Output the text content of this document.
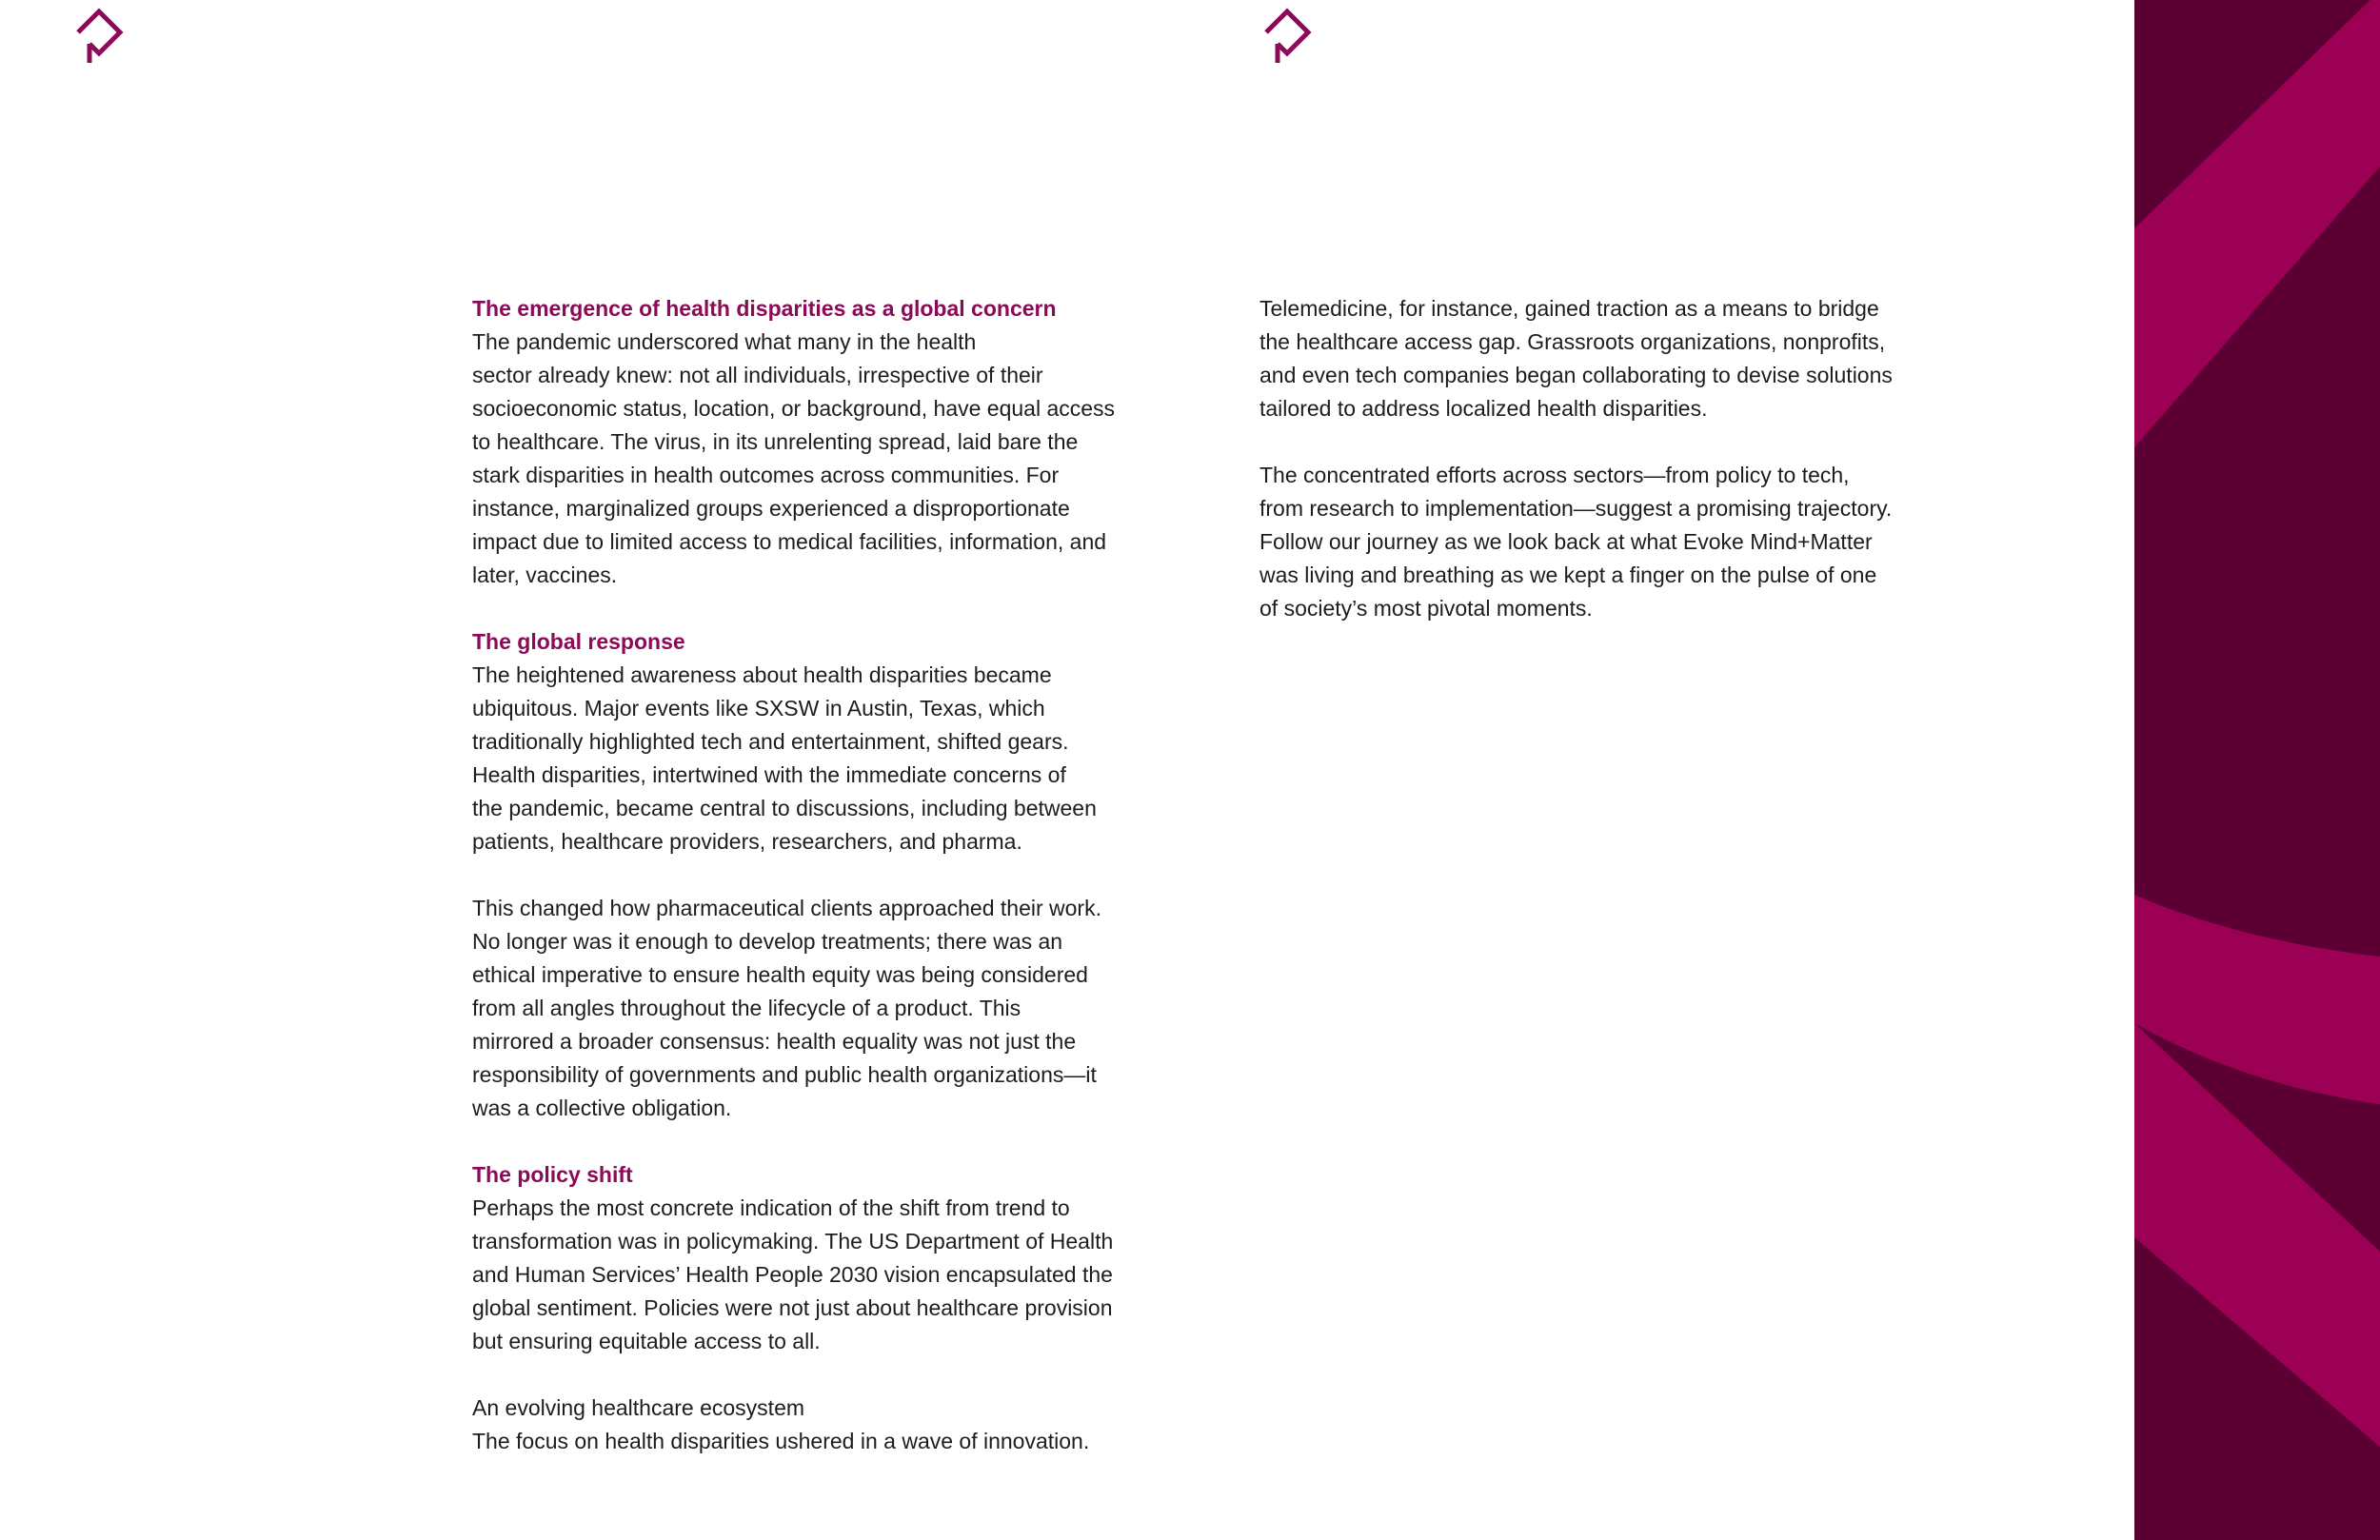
The emergence of health disparities as a global concern

The pandemic underscored what many in the health
sector already knew: not all individuals, irrespective of their
socioeconomic status, location, or background, have equal access
to healthcare. The virus, in its unrelenting spread, laid bare the
stark disparities in health outcomes across communities. For
instance, marginalized groups experienced a disproportionate
impact due to limited access to medical facilities, information, and
later, vaccines.

The global response

The heightened awareness about health disparities became
ubiquitous. Major events like SXSW in Austin, Texas, which
traditionally highlighted tech and entertainment, shifted gears.
Health disparities, intertwined with the immediate concerns of
the pandemic, became central to discussions, including between
patients, healthcare providers, researchers, and pharma.

This changed how pharmaceutical clients approached their work.
No longer was it enough to develop treatments; there was an
ethical imperative to ensure health equity was being considered
from all angles throughout the lifecycle of a product. This
mirrored a broader consensus: health equality was not just the
responsibility of governments and public health organizations—it
was a collective obligation.

The policy shift

Perhaps the most concrete indication of the shift from trend to
transformation was in policymaking. The US Department of Health
and Human Services’ Health People 2030 vision encapsulated the
global sentiment. Policies were not just about healthcare provision
but ensuring equitable access to all.

An evolving healthcare ecosystem

The focus on health disparities ushered in a wave of innovation.

Telemedicine, for instance, gained traction as a means to bridge
the healthcare access gap. Grassroots organizations, nonprofits,
and even tech companies began collaborating to devise solutions
tailored to address localized health disparities.

The concentrated efforts across sectors—from policy to tech,
from research to implementation—suggest a promising trajectory.
Follow our journey as we look back at what Evoke Mind+Matter
was living and breathing as we kept a finger on the pulse of one
of society’s most pivotal moments.
